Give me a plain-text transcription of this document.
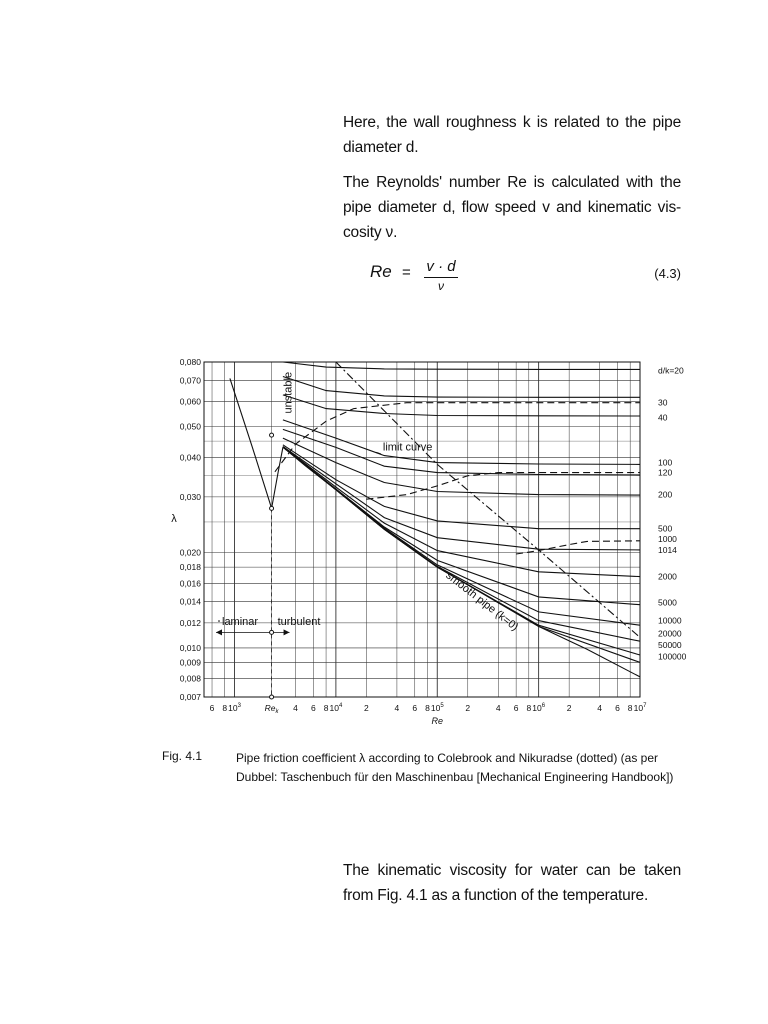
Here, the wall roughness k is related to the pipe diameter d.
The Reynolds' number Re is calculated with the pipe diameter d, flow speed v and kinematic vis-cosity ν.
Re = v · d
ν
(4.3)
0,080
0,070
0,060
0,050
0,040
0,030
0,020
0,018
0,016
0,014
0,012
0,010
0,009
0,008
0,007
6 8 $10^3$	$Re_k$ 4 6 8 $10^4$	2	4 6 8 $10^5$	2	4 6 8 $10^6$	2	4 6 8 $10^7$
Re
λ
d/k=20
30
40
100
120
200
500
1000
1014
2000
5000
10000
20000
50000
100000
unstable
limit curve
smooth pipe (k=0)
laminar turbulent
Fig. 4.1	Pipe friction coefficient λ according to Colebrook and Nikuradse (dotted) (as per Dubbel: Taschenbuch für den Maschinenbau [Mechanical Engineering Handbook])
The kinematic viscosity for water can be taken from Fig. 4.1 as a function of the temperature.
